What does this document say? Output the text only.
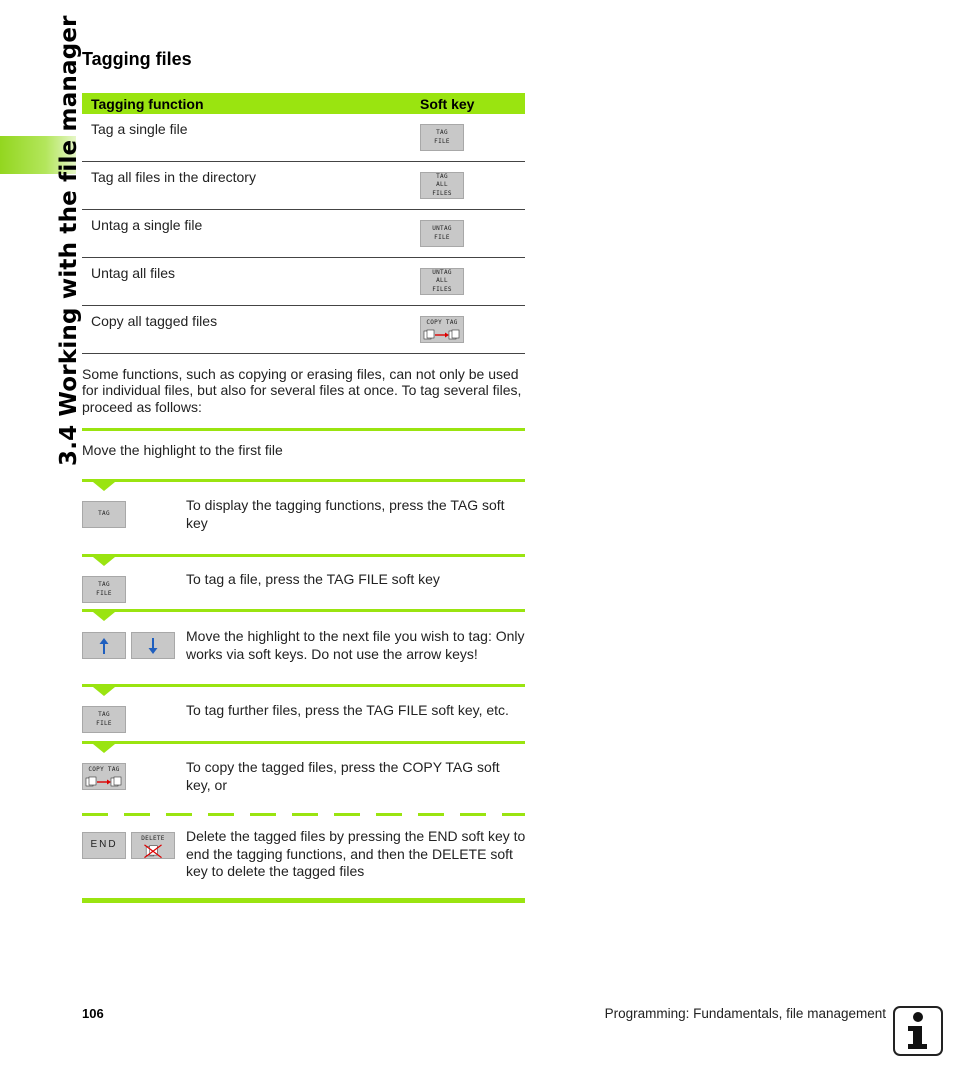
3.4 Working with the file manager Tagging files
Tagging function	Soft key
Tag a single file	TAG
FILE
Tag all files in the directory	TAG
ALL
FILES
Untag a single file	UNTAG
FILE
Untag all files	UNTAG
ALL
FILES
Copy all tagged files	COPY TAG
Some functions, such as copying or erasing files, can not only be used for individual files, but also for several files at once. To tag several files, proceed as follows:
Move the highlight to the first file
TAG
To display the tagging functions, press the TAG soft key
TAG
FILE
To tag a file, press the TAG FILE soft key
Move the highlight to the next file you wish to tag: Only works via soft keys. Do not use the arrow keys!
TAG
FILE
To tag further files, press the TAG FILE soft key, etc.
COPY TAG	To copy the tagged files, press the COPY TAG soft key, or
END
DELETE Delete the tagged files by pressing the END soft key to end the tagging functions, and then the DELETE soft key to delete the tagged files
106	Programming: Fundamentals, file management
